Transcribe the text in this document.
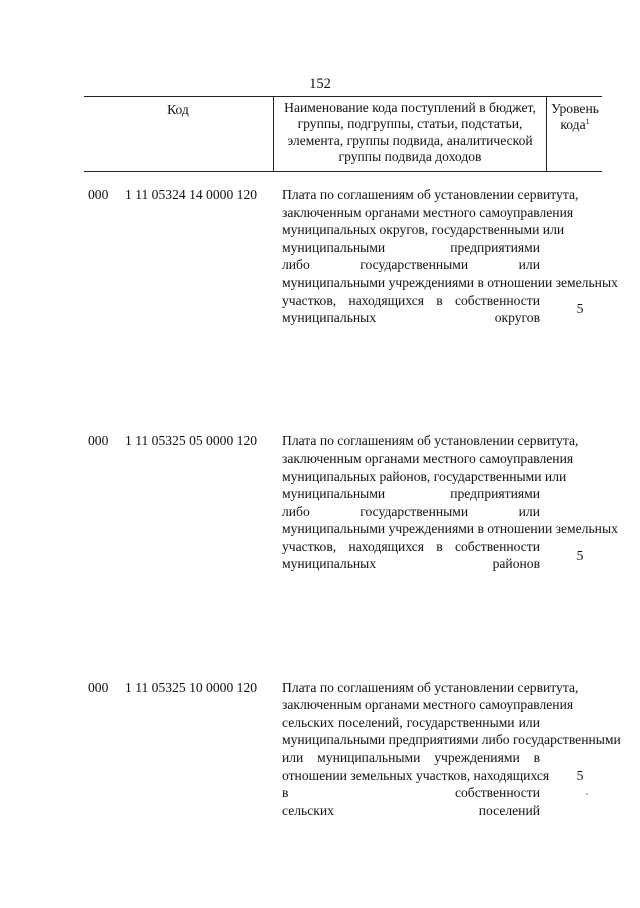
152
Код	Наименование кода поступлений в бюджет, группы, подгруппы, статьи, подстатьи, элемента, группы подвида, аналитической группы подвида доходов
Уровень кода$^1$
000 1 11 05324 14 0000 120 Плата по соглашениям об установлении сервитута,
заключенным органами местного самоуправления
муниципальных округов, государственными или
муниципальными предприятиями
либо государственными или
муниципальными учреждениями в отношении земельных
участков, находящихся в собственности
муниципальных округов
5
000 1 11 05325 05 0000 120 Плата по соглашениям об установлении сервитута,
заключенным органами местного самоуправления
муниципальных районов, государственными или
муниципальными предприятиями
либо государственными или
муниципальными учреждениями в отношении земельных
участков, находящихся в собственности
муниципальных районов
5
000 1 11 05325 10 0000 120 Плата по соглашениям об установлении сервитута,
заключенным органами местного самоуправления
сельских поселений, государственными или
муниципальными предприятиями либо государственными
или муниципальными учреждениями в
отношении земельных участков, находящихся
в собственности
сельских поселений
5
